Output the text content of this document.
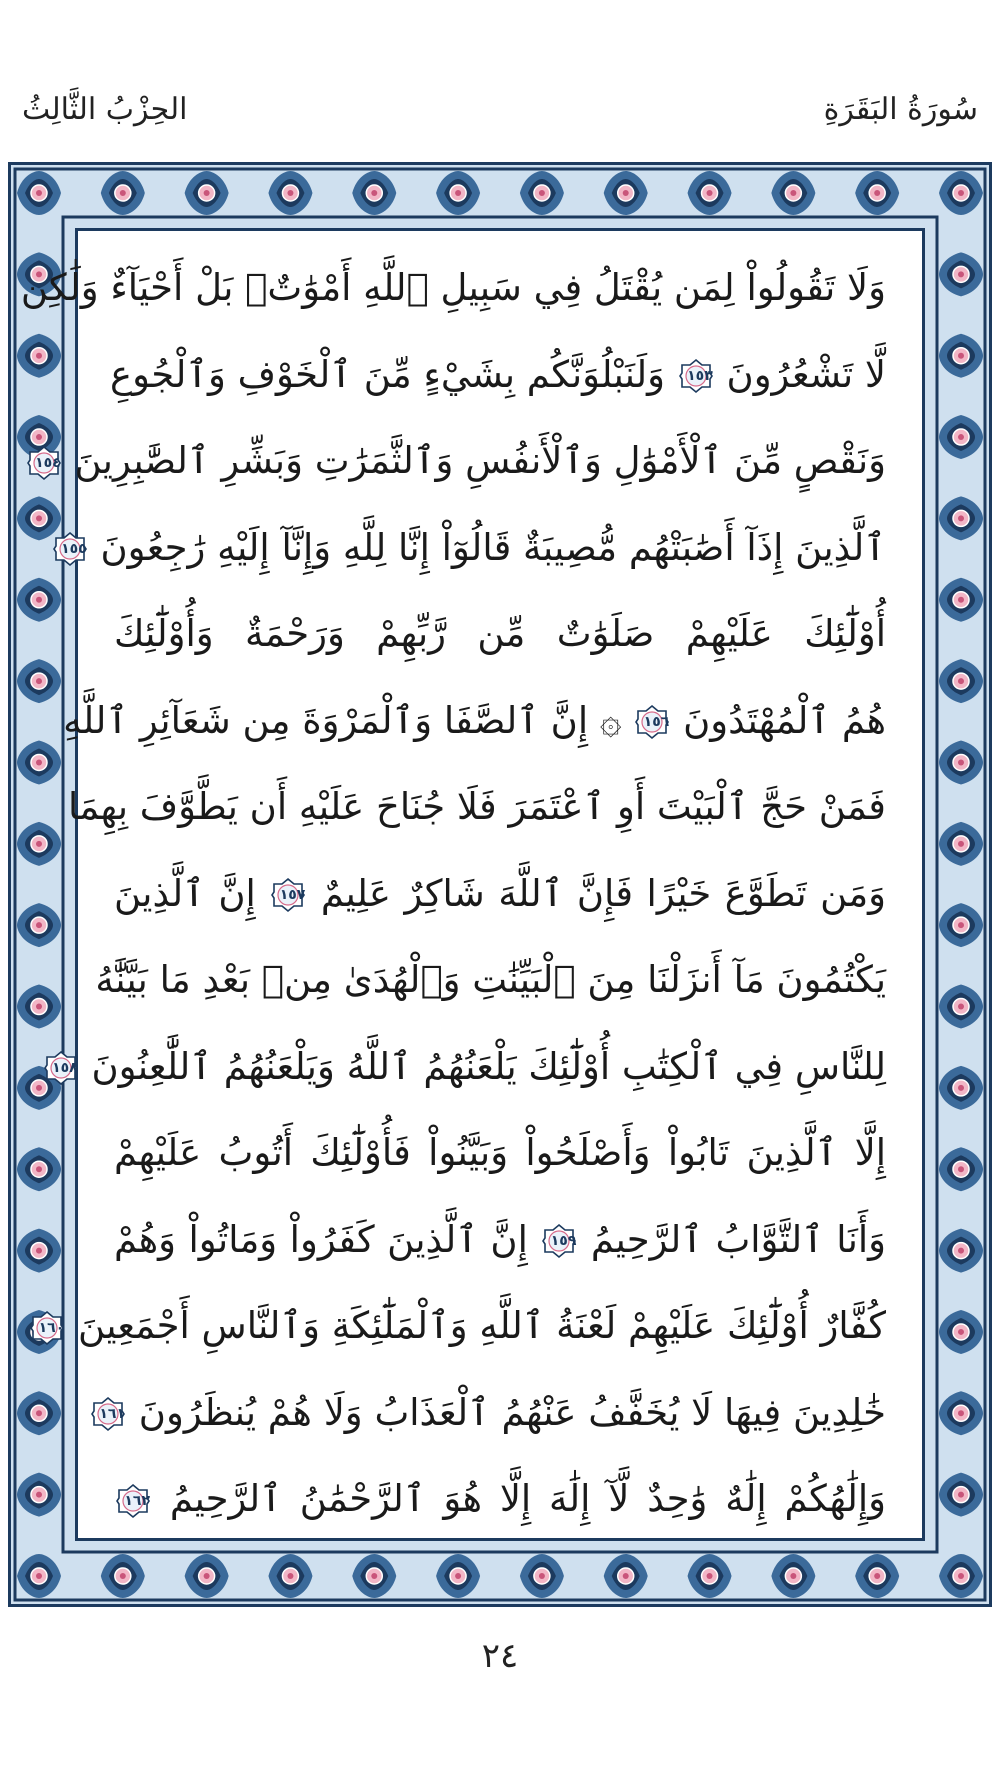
الحِزْبُ الثَّالِثُ	سُورَةُ البَقَرَةِ
وَلَا تَقُولُواْ لِمَن يُقْتَلُ فِي سَبِيلِ ٱللَّهِ أَمْوَٰتٌۢ بَلْ أَحْيَآءٌ وَلَٰكِن
لَّا تَشْعُرُونَ
١٥٣
وَلَنَبْلُوَنَّكُم بِشَيْءٍ مِّنَ ٱلْخَوْفِ وَٱلْجُوعِ
وَنَقْصٍ مِّنَ ٱلْأَمْوَٰلِ وَٱلْأَنفُسِ وَٱلثَّمَرَٰتِ وَبَشِّرِ ٱلصَّٰبِرِينَ
١٥٤
ٱلَّذِينَ إِذَآ أَصَٰبَتْهُم مُّصِيبَةٌ قَالُوٓاْ إِنَّا لِلَّهِ وَإِنَّآ إِلَيْهِ رَٰجِعُونَ
١٥٥
أُوْلَٰٓئِكَ عَلَيْهِمْ صَلَوَٰتٌ مِّن رَّبِّهِمْ وَرَحْمَةٌ وَأُوْلَٰٓئِكَ
هُمُ ٱلْمُهْتَدُونَ
١٥٦
۞ إِنَّ ٱلصَّفَا وَٱلْمَرْوَةَ مِن شَعَآئِرِ ٱللَّهِ
فَمَنْ حَجَّ ٱلْبَيْتَ أَوِ ٱعْتَمَرَ فَلَا جُنَاحَ عَلَيْهِ أَن يَطَّوَّفَ بِهِمَا
وَمَن تَطَوَّعَ خَيْرًا فَإِنَّ ٱللَّهَ شَاكِرٌ عَلِيمٌ
١٥٧
إِنَّ ٱلَّذِينَ
يَكْتُمُونَ مَآ أَنزَلْنَا مِنَ ٱلْبَيِّنَٰتِ وَٱلْهُدَىٰ مِنۢ بَعْدِ مَا بَيَّنَّٰهُ
لِلنَّاسِ فِي ٱلْكِتَٰبِ أُوْلَٰٓئِكَ يَلْعَنُهُمُ ٱللَّهُ وَيَلْعَنُهُمُ ٱللَّٰعِنُونَ
١٥٨
إِلَّا ٱلَّذِينَ تَابُواْ وَأَصْلَحُواْ وَبَيَّنُواْ فَأُوْلَٰٓئِكَ أَتُوبُ عَلَيْهِمْ
وَأَنَا ٱلتَّوَّابُ ٱلرَّحِيمُ
١٥٩
إِنَّ ٱلَّذِينَ كَفَرُواْ وَمَاتُواْ وَهُمْ
كُفَّارٌ أُوْلَٰٓئِكَ عَلَيْهِمْ لَعْنَةُ ٱللَّهِ وَٱلْمَلَٰٓئِكَةِ وَٱلنَّاسِ أَجْمَعِينَ
١٦٠
خَٰلِدِينَ فِيهَا لَا يُخَفَّفُ عَنْهُمُ ٱلْعَذَابُ وَلَا هُمْ يُنظَرُونَ
١٦١
وَإِلَٰهُكُمْ إِلَٰهٌ وَٰحِدٌ لَّآ إِلَٰهَ إِلَّا هُوَ ٱلرَّحْمَٰنُ ٱلرَّحِيمُ
١٦٢
٢٤
